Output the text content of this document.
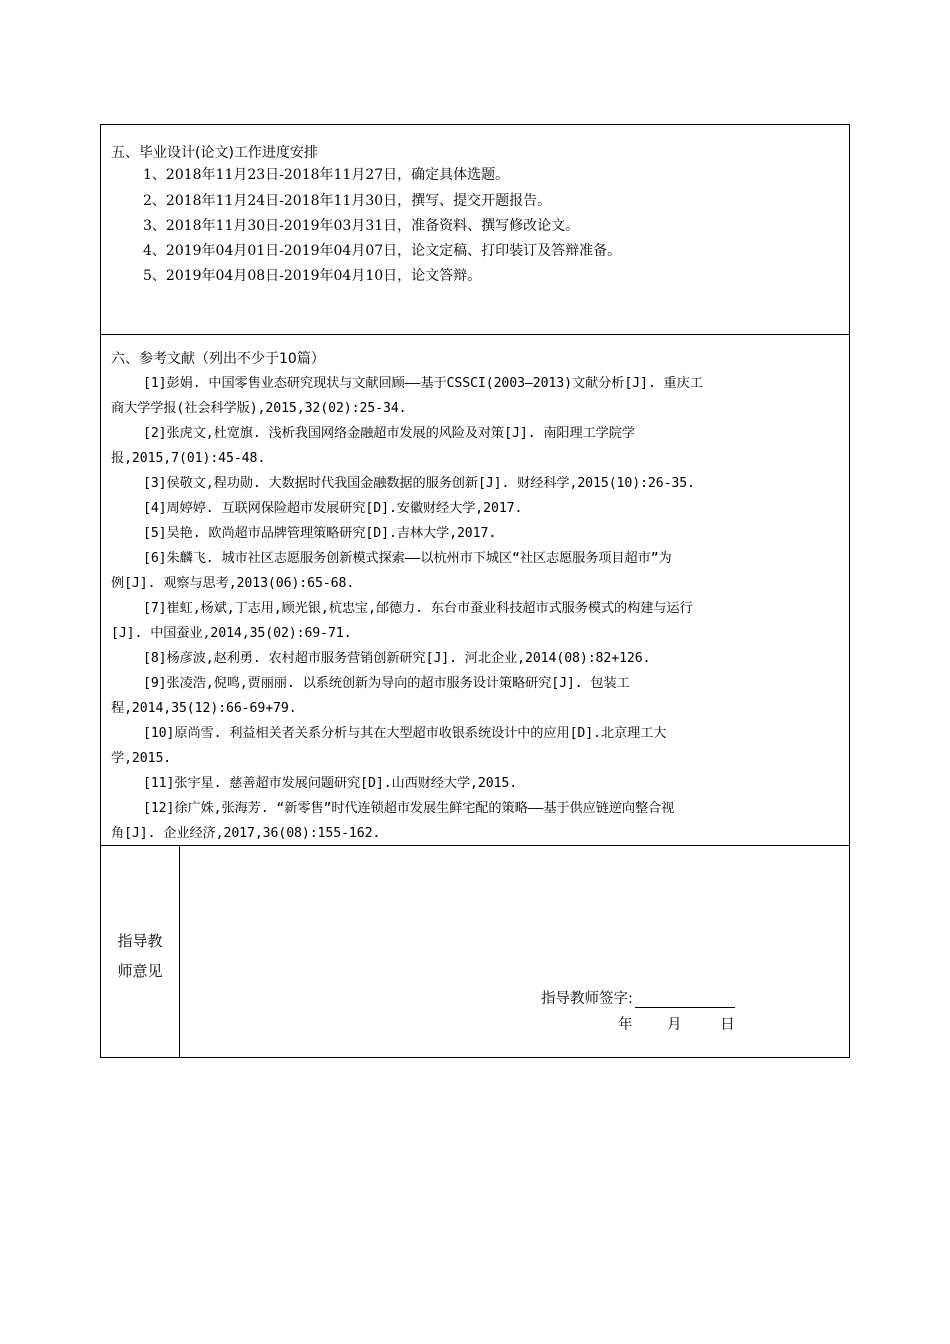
五、毕业设计(论文)工作进度安排
1、2018年11月23日-2018年11月27日，确定具体选题。
2、2018年11月24日-2018年11月30日，撰写、提交开题报告。
3、2018年11月30日-2019年03月31日，准备资料、撰写修改论文。
4、2019年04月01日-2019年04月07日，论文定稿、打印装订及答辩准备。
5、2019年04月08日-2019年04月10日，论文答辩。
六、参考文献（列出不少于10篇）
[1]彭娟. 中国零售业态研究现状与文献回顾——基于CSSCI(2003—2013)文献分析[J]. 重庆工
商大学学报(社会科学版),2015,32(02):25-34.
[2]张虎文,杜宽旗. 浅析我国网络金融超市发展的风险及对策[J]. 南阳理工学院学
报,2015,7(01):45-48.
[3]侯敬文,程功勋. 大数据时代我国金融数据的服务创新[J]. 财经科学,2015(10):26-35.
[4]周婷婷. 互联网保险超市发展研究[D].安徽财经大学,2017.
[5]吴艳. 欧尚超市品牌管理策略研究[D].吉林大学,2017.
[6]朱麟飞. 城市社区志愿服务创新模式探索——以杭州市下城区“社区志愿服务项目超市”为
例[J]. 观察与思考,2013(06):65-68.
[7]崔虹,杨斌,丁志用,顾光银,杭忠宝,邰德力. 东台市蚕业科技超市式服务模式的构建与运行
[J]. 中国蚕业,2014,35(02):69-71.
[8]杨彦波,赵利勇. 农村超市服务营销创新研究[J]. 河北企业,2014(08):82+126.
[9]张凌浩,倪鸣,贾丽丽. 以系统创新为导向的超市服务设计策略研究[J]. 包装工
程,2014,35(12):66-69+79.
[10]原尚雪. 利益相关者关系分析与其在大型超市收银系统设计中的应用[D].北京理工大
学,2015.
[11]张宇星. 慈善超市发展问题研究[D].山西财经大学,2015.
[12]徐广姝,张海芳. “新零售”时代连锁超市发展生鲜宅配的策略——基于供应链逆向整合视
角[J]. 企业经济,2017,36(08):155-162.
指导教
师意见
指导教师签字:
年 月	日
